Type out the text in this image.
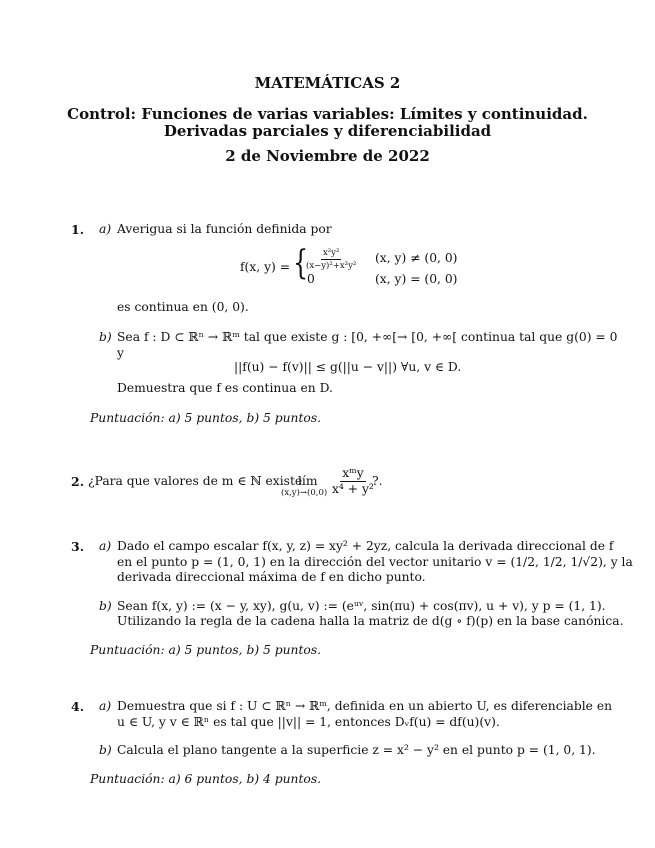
MATEMÁTICAS 2
Control: Funciones de varias variables: Límites y continuidad.
Derivadas parciales y diferenciabilidad
2 de Noviembre de 2022
1. a) Averigua si la función definida por
f(x, y) = {
$\frac{\text{x²y²}}{\text{(x−y)²+x²y²}} (x$, y) ≠ (0, 0)
0	(x, y) = (0, 0)
es continua en (0, 0).
b) Sea f : D ⊂ ℝⁿ → ℝᵐ tal que existe g : [0, +∞[→ [0, +∞[ continua tal que g(0) = 0
y
||f(u) − f(v)|| ≤ g(||u − v||) ∀u, v ∈ D.
Demuestra que f es continua en D.
Puntuación: a) 5 puntos, b) 5 puntos.
2. ¿Para que valores de m ∈ ℕ existe
lím
$(x,y)\to(0,0) \frac{\text{xᵐy}}{\text{x⁴ + y²}}$
?.
3. a) Dado el campo escalar f(x, y, z) = xy² + 2yz, calcula la derivada direccional de f
en el punto p = (1, 0, 1) en la dirección del vector unitario v = (1/2, 1/2, 1/√2), y la
derivada direccional máxima de f en dicho punto.
b) Sean f(x, y) := (x − y, xy), g(u, v) := (eᵘᵛ, sin(πu) + cos(πv), u + v), y p = (1, 1).
Utilizando la regla de la cadena halla la matriz de d(g ∘ f)(p) en la base canónica.
Puntuación: a) 5 puntos, b) 5 puntos.
4. a) Demuestra que si f : U ⊂ ℝⁿ → ℝᵐ, definida en un abierto U, es diferenciable en
u ∈ U, y v ∈ ℝⁿ es tal que ||v|| = 1, entonces Dᵥf(u) = df(u)(v).
b) Calcula el plano tangente a la superficie z = x² − y² en el punto p = (1, 0, 1).
Puntuación: a) 6 puntos, b) 4 puntos.
